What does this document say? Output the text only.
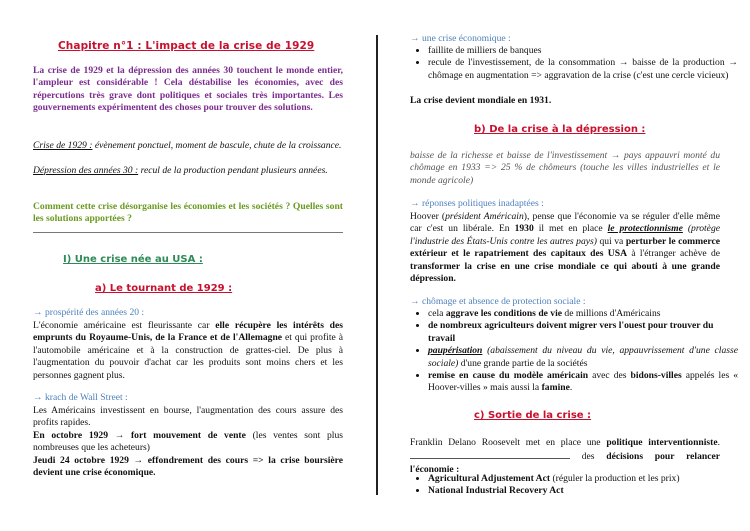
Chapitre n°1 : L'impact de la crise de 1929

La crise de 1929 et la dépression des années 30 touchent le monde entier, l'ampleur est considérable ! Cela déstabilise les économies, avec des répercutions très grave dont politiques et sociales très importantes. Les gouvernements expérimentent des choses pour trouver des solutions.

Crise de 1929 : évènement ponctuel, moment de bascule, chute de la croissance.

Dépression des années 30 : recul de la production pendant plusieurs années.

Comment cette crise désorganise les économies et les sociétés ? Quelles sont les solutions apportées ?

I) Une crise née au USA :
a) Le tournant de 1929 :

→ prospérité des années 20 :

L'économie américaine est fleurissante car elle récupère les intérêts des emprunts du Royaume-Unis, de la France et de l'Allemagne et qui profite à l'automobile américaine et à la construction de grattes-ciel. De plus à l'augmentation du pouvoir d'achat car les produits sont moins chers et les personnes gagnent plus.

→ krach de Wall Street :

Les Américains investissent en bourse, l'augmentation des cours assure des profits rapides.

En octobre 1929 → fort mouvement de vente (les ventes sont plus nombreuses que les acheteurs)

Jeudi 24 octobre 1929 → effondrement des cours => la crise boursière devient une crise économique.

→ une crise économique :

• faillite de milliers de banques
• recule de l'investissement, de la consommation → baisse de la production → chômage en augmentation => aggravation de la crise (c'est une cercle vicieux)

La crise devient mondiale en 1931.

b) De la crise à la dépression :

baisse de la richesse et baisse de l'investissement → pays appauvri monté du chômage en 1933 => 25 % de chômeurs (touche les villes industrielles et le monde agricole)

→ réponses politiques inadaptées :

Hoover (président Américain), pense que l'économie va se réguler d'elle même car c'est un libérale. En 1930 il met en place le protectionnisme (protège l'industrie des États-Unis contre les autres pays) qui va perturber le commerce extérieur et le rapatriement des capitaux des USA à l'étranger achève de transformer la crise en une crise mondiale ce qui abouti à une grande dépression.

→ chômage et absence de protection sociale :

• cela aggrave les conditions de vie de millions d'Américains
• de nombreux agriculteurs doivent migrer vers l'ouest pour trouver du travail
• paupérisation (abaissement du niveau du vie, appauvrissement d'une classe sociale) d'une grande partie de la sociétés
• remise en cause du modèle américain avec des bidons-villes appelés les « Hoover-villes » mais aussi la famine.
c) Sortie de la crise :

Franklin Delano Roosevelt met en place une politique interventionniste.  des décisions pour relancer l'économie :

• Agricultural Adjustement Act (réguler la production et les prix)
• National Industrial Recovery Act
